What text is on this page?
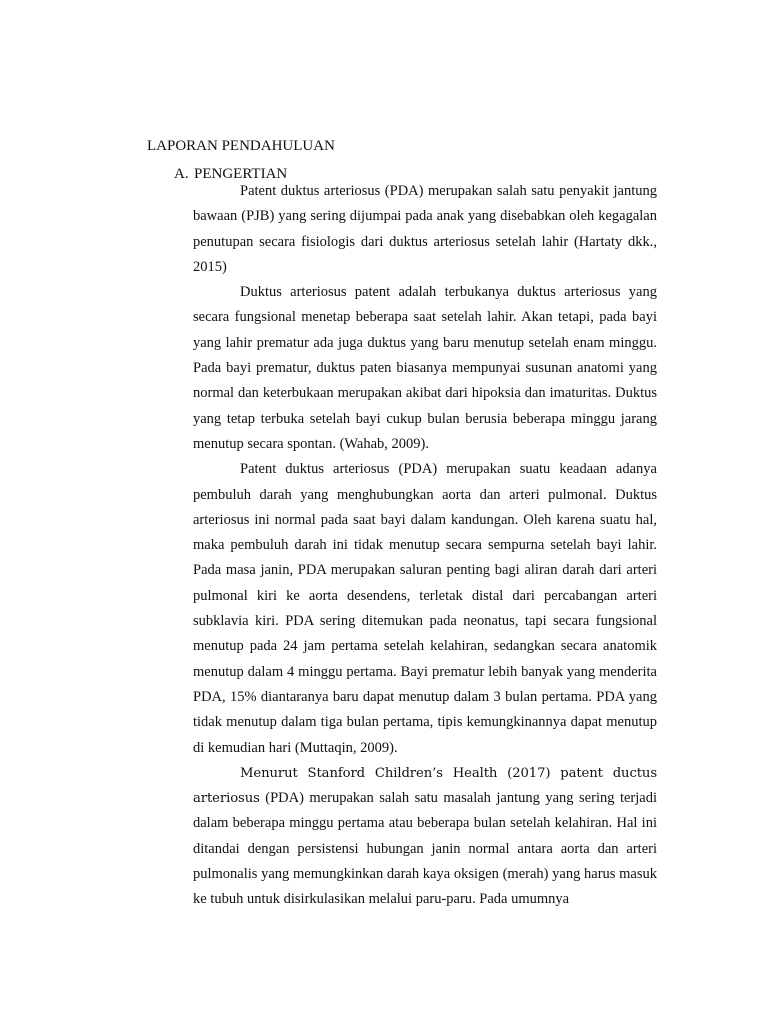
LAPORAN PENDAHULUAN
A. PENGERTIAN

Patent duktus arteriosus (PDA) merupakan salah satu penyakit jantung bawaan (PJB) yang sering dijumpai pada anak yang disebabkan oleh kegagalan penutupan secara fisiologis dari duktus arteriosus setelah lahir (Hartaty dkk., 2015)

Duktus arteriosus patent adalah terbukanya duktus arteriosus yang secara fungsional menetap beberapa saat setelah lahir. Akan tetapi, pada bayi yang lahir prematur ada juga duktus yang baru menutup setelah enam minggu. Pada bayi prematur, duktus paten biasanya mempunyai susunan anatomi yang normal dan keterbukaan merupakan akibat dari hipoksia dan imaturitas. Duktus yang tetap terbuka setelah bayi cukup bulan berusia beberapa minggu jarang menutup secara spontan. (Wahab, 2009).

Patent duktus arteriosus (PDA) merupakan suatu keadaan adanya pembuluh darah yang menghubungkan aorta dan arteri pulmonal. Duktus arteriosus ini normal pada saat bayi dalam kandungan. Oleh karena suatu hal, maka pembuluh darah ini tidak menutup secara sempurna setelah bayi lahir. Pada masa janin, PDA merupakan saluran penting bagi aliran darah dari arteri pulmonal kiri ke aorta desendens, terletak distal dari percabangan arteri subklavia kiri. PDA sering ditemukan pada neonatus, tapi secara fungsional menutup pada 24 jam pertama setelah kelahiran, sedangkan secara anatomik menutup dalam 4 minggu pertama. Bayi prematur lebih banyak yang menderita PDA, 15% diantaranya baru dapat menutup dalam 3 bulan pertama. PDA yang tidak menutup dalam tiga bulan pertama, tipis kemungkinannya dapat menutup di kemudian hari (Muttaqin, 2009).

Menurut Stanford Children’s Health (2017) patent ductus arteriosus (PDA) merupakan salah satu masalah jantung yang sering terjadi dalam beberapa minggu pertama atau beberapa bulan setelah kelahiran. Hal ini ditandai dengan persistensi hubungan janin normal antara aorta dan arteri pulmonalis yang memungkinkan darah kaya oksigen (merah) yang harus masuk ke tubuh untuk disirkulasikan melalui paru-paru. Pada umumnya
